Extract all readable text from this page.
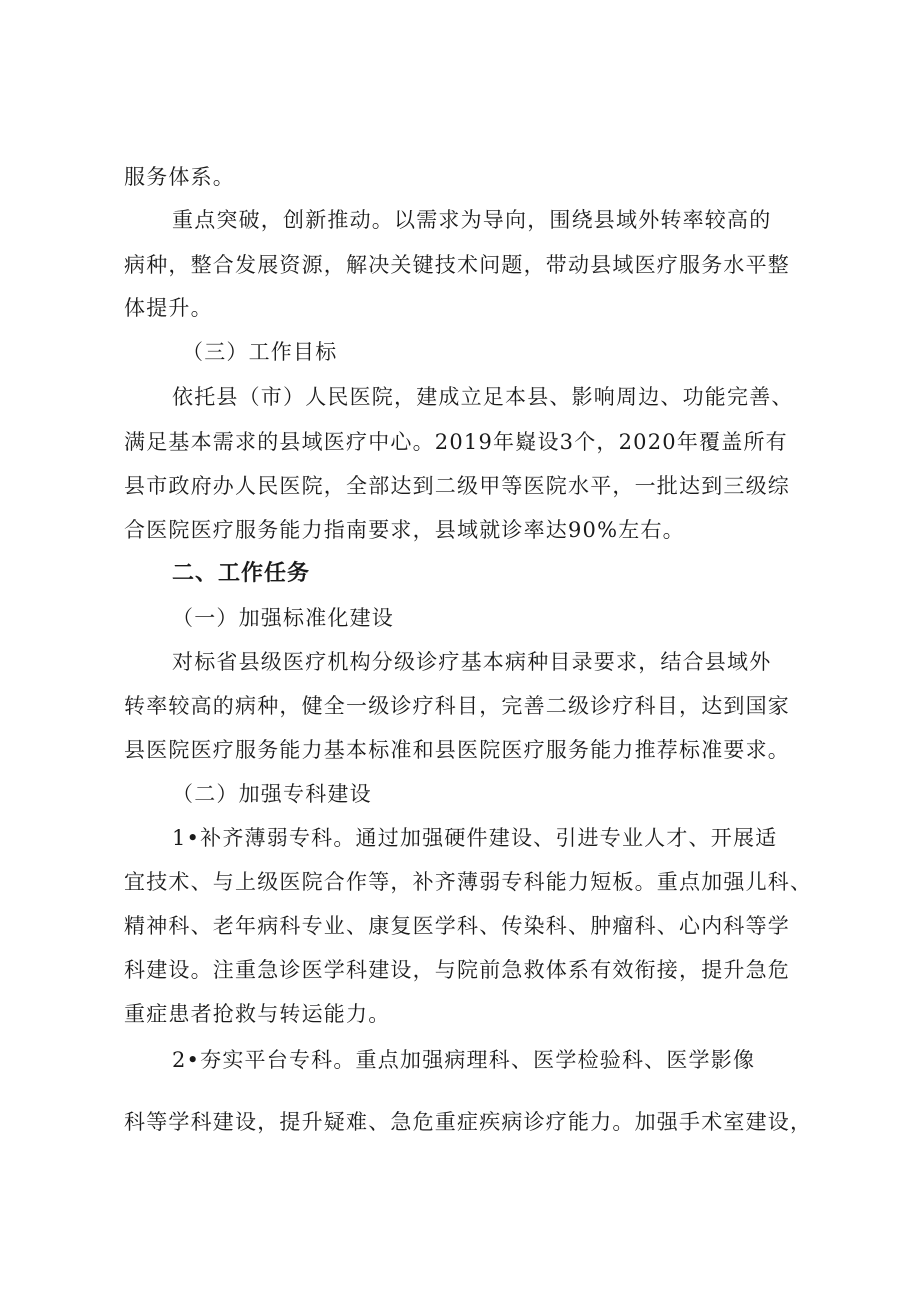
服务体系。
重点突破，创新推动。以需求为导向，围绕县域外转率较高的
病种，整合发展资源，解决关键技术问题，带动县域医疗服务水平整
体提升。
（三）工作目标
依托县（市）人民医院，建成立足本县、影响周边、功能完善、
满足基本需求的县域医疗中心。2019年嶷设3个，2020年覆盖所有
县市政府办人民医院，全部达到二级甲等医院水平，一批达到三级综
合医院医疗服务能力指南要求，县域就诊率达90%左右。
二、工作任务
（一）加强标准化建设
对标省县级医疗机构分级诊疗基本病种目录要求，结合县域外
转率较高的病种，健全一级诊疗科目，完善二级诊疗科目，达到国家
县医院医疗服务能力基本标准和县医院医疗服务能力推荐标准要求。
（二）加强专科建设
1•补齐薄弱专科。通过加强硬件建设、引进专业人才、开展适
宜技术、与上级医院合作等，补齐薄弱专科能力短板。重点加强儿科、
精神科、老年病科专业、康复医学科、传染科、肿瘤科、心内科等学
科建设。注重急诊医学科建设，与院前急救体系有效衔接，提升急危
重症患者抢救与转运能力。
2•夯实平台专科。重点加强病理科、医学检验科、医学影像
科等学科建设，提升疑难、急危重症疾病诊疗能力。加强手术室建设，
